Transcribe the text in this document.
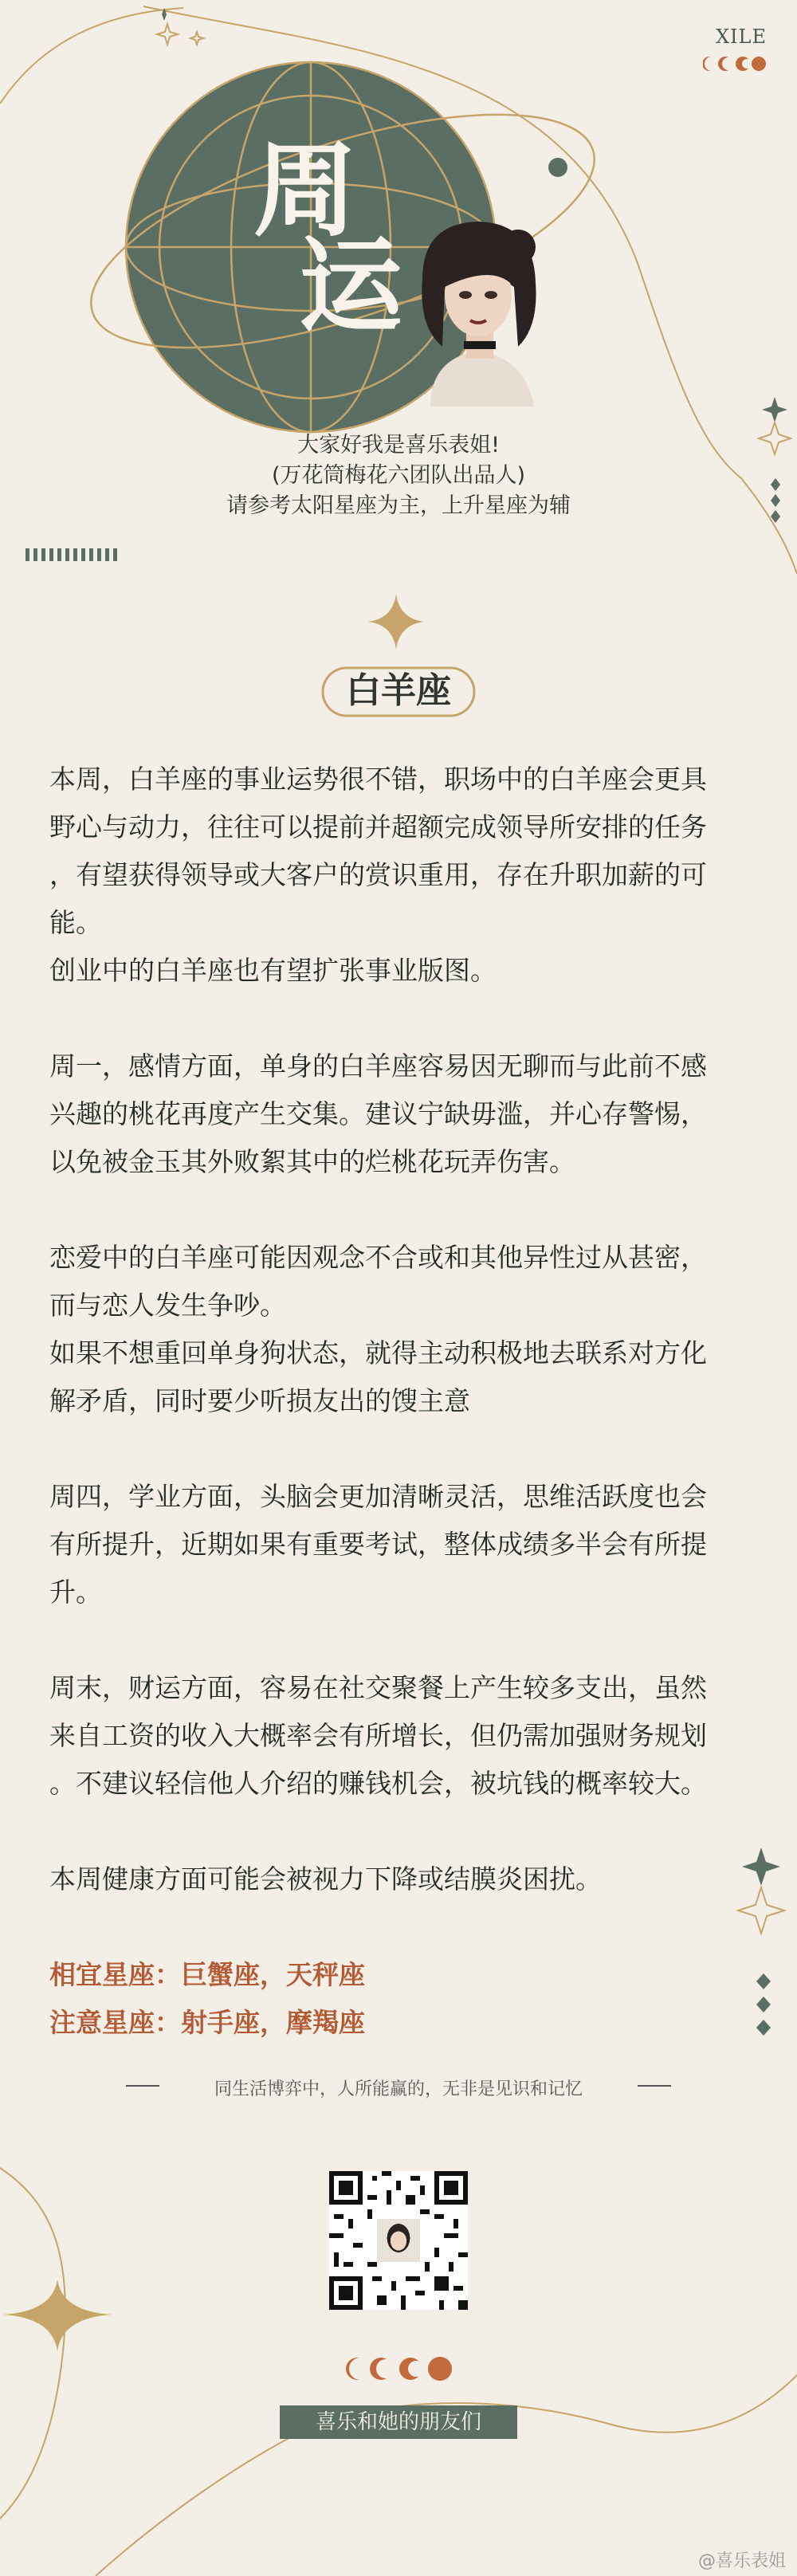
XILE
周
运
大家好我是喜乐表姐!
(万花筒梅花六团队出品人)
请参考太阳星座为主，上升星座为辅
白羊座

本周，白羊座的事业运势很不错，职场中的白羊座会更具

野心与动力，往往可以提前并超额完成领导所安排的任务

，有望获得领导或大客户的赏识重用，存在升职加薪的可

能。

创业中的白羊座也有望扩张事业版图。

周一，感情方面，单身的白羊座容易因无聊而与此前不感

兴趣的桃花再度产生交集。建议宁缺毋滥，并心存警惕，

以免被金玉其外败絮其中的烂桃花玩弄伤害。

恋爱中的白羊座可能因观念不合或和其他异性过从甚密，

而与恋人发生争吵。

如果不想重回单身狗状态，就得主动积极地去联系对方化

解矛盾，同时要少听损友出的馊主意

周四，学业方面，头脑会更加清晰灵活，思维活跃度也会

有所提升，近期如果有重要考试，整体成绩多半会有所提

升。

周末，财运方面，容易在社交聚餐上产生较多支出，虽然

来自工资的收入大概率会有所增长，但仍需加强财务规划

。不建议轻信他人介绍的赚钱机会，被坑钱的概率较大。

本周健康方面可能会被视力下降或结膜炎困扰。

相宜星座：巨蟹座，天秤座

注意星座：射手座，摩羯座

同生活博弈中，人所能赢的，无非是见识和记忆
喜乐和她的朋友们
@喜乐表姐
